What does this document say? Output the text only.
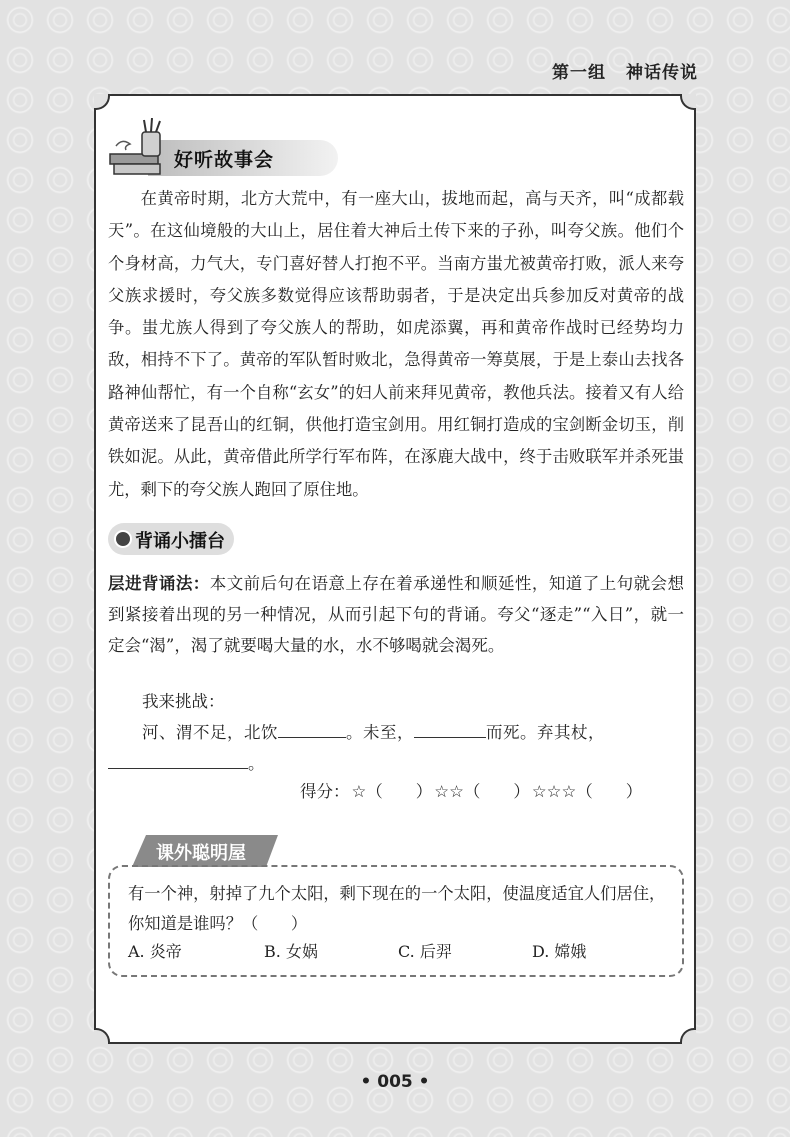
第一组 神话传说
好听故事会

在黄帝时期，北方大荒中，有一座大山，拔地而起，高与天齐，叫“成都载天”。在这仙境般的大山上，居住着大神后土传下来的子孙，叫夸父族。他们个个身材高，力气大，专门喜好替人打抱不平。当南方蚩尤被黄帝打败，派人来夸父族求援时，夸父族多数觉得应该帮助弱者，于是决定出兵参加反对黄帝的战争。蚩尤族人得到了夸父族人的帮助，如虎添翼，再和黄帝作战时已经势均力敌，相持不下了。黄帝的军队暂时败北，急得黄帝一筹莫展，于是上泰山去找各路神仙帮忙，有一个自称“玄女”的妇人前来拜见黄帝，教他兵法。接着又有人给黄帝送来了昆吾山的红铜，供他打造宝剑用。用红铜打造成的宝剑断金切玉，削铁如泥。从此，黄帝借此所学行军布阵，在涿鹿大战中，终于击败联军并杀死蚩尤，剩下的夸父族人跑回了原住地。

背诵小擂台

层进背诵法：本文前后句在语意上存在着承递性和顺延性，知道了上句就会想到紧接着出现的另一种情况，从而引起下句的背诵。夸父“逐走”“入日”，就一定会“渴”，渴了就要喝大量的水，水不够喝就会渴死。

我来挑战：
河、渭不足，北饮	。未至，	而死。弃其杖，
。
得分： ☆（　　） ☆☆（　　） ☆☆☆（　　）
课外聪明屋

有一个神，射掉了九个太阳，剩下现在的一个太阳，使温度适宜人们居住，你知道是谁吗？（　　）

A. 炎帝	B. 女娲	C. 后羿	D. 嫦娥
• 005 •
